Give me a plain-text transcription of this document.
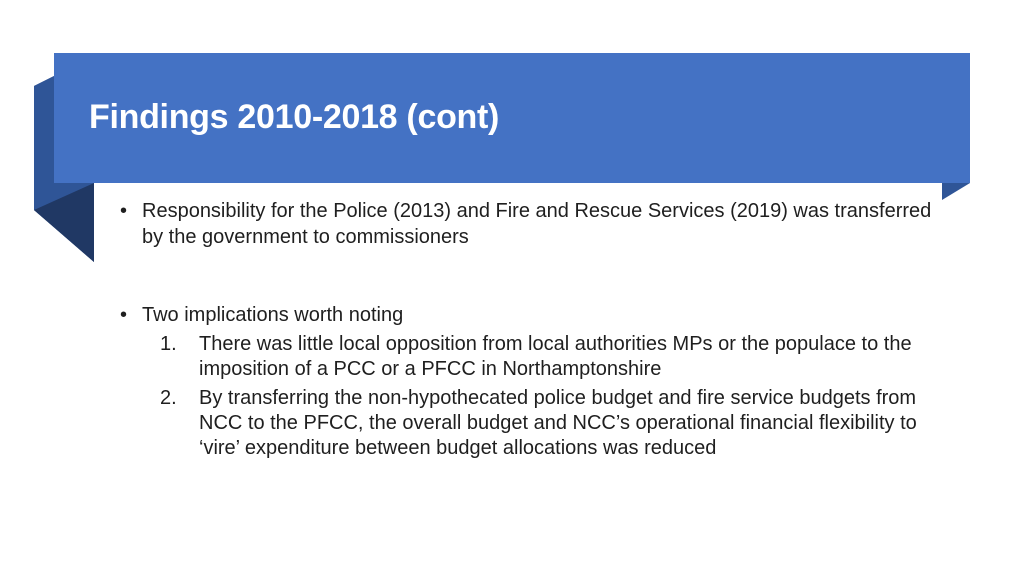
Findings 2010-2018 (cont)

• Responsibility for the Police (2013) and Fire and Rescue Services (2019) was transferred by the government to commissioners

• Two implications worth noting
1. There was little local opposition from local authorities MPs or the populace to the imposition of a PCC or a PFCC in Northamptonshire
2. By transferring the non-hypothecated police budget and fire service budgets from NCC to the PFCC, the overall budget and NCC’s operational financial flexibility to ‘vire’ expenditure between budget allocations was reduced
